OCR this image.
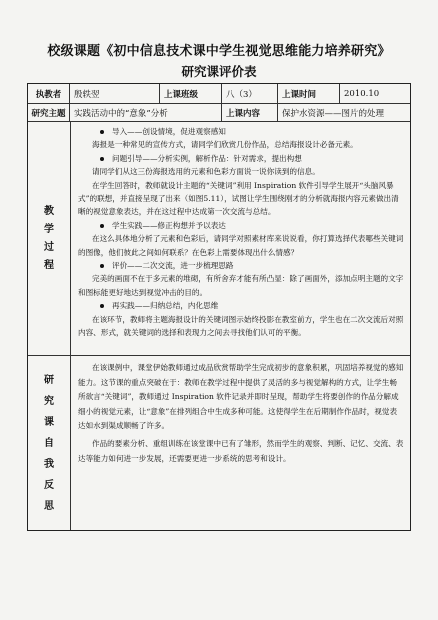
校级课题《初中信息技术课中学生视觉思维能力培养研究》
研究课评价表
执教者	殷轶翌	上课班级	八（3）	上课时间	2010.10
研究主题	实践活动中的“意象”分析	上课内容	保护水资源——图片的处理
教
学
过
程

导入——创设情境，促进观察感知

海报是一种常见的宣传方式，请同学们欣赏几份作品，总结海报设计必备元素。

问题引导——分析实例，解析作品：针对需求，提出构想

请同学们从这三份海报选用的元素和色彩方面说一说你读到的信息。

在学生回答时，教师就设计主题的“关键词”利用 Inspiration 软件引导学生展开“头脑风暴式”的联想，并直接呈现了出来（如图5.11），试图让学生围绕刚才的分析就海报内容元素做出清晰的视觉意象表达，并在这过程中达成第一次交流与总结。

学生实践——修正构想并予以表达

在这么具体地分析了元素和色彩后，请同学对照素材库来说说看，你打算选择代表哪些关键词的图像，他们彼此之间如何联系？在色彩上需要体现出什么情感？

评价——二次交流，进一步梳理思路

完美的画面不在于多元素的堆砌，有所舍弃才能有所凸显：除了画面外，添加点明主题的文字和图标能更好地达到视觉冲击的目的。

再实践——归纳总结，内化思维

在该环节，教师将主题海报设计的关键词图示始终投影在教室前方，学生也在二次交流后对照内容、形式，就关键词的选择和表现力之间去寻找他们认可的平衡。

研
究
课
自
我
反
思

在该课例中，课堂伊始教师通过成品欣赏帮助学生完成初步的意象积累，巩固培养视觉的感知能力。这节课的重点突破在于：教师在教学过程中提供了灵活的多与视觉解构的方式，让学生畅所欲言“关键词”，教师通过 Inspiration 软件记录并即时呈现，帮助学生将要创作的作品分解成细小的视觉元素，让“意象”在排列组合中生成多种可能。这使得学生在后期制作作品时，视觉表达如水到渠成顺畅了许多。

作品的要素分析、重组训练在该堂课中已有了雏形，然而学生的观察、判断、记忆、交流、表达等能力如何进一步发展，还需要更进一步系统的思考和设计。
